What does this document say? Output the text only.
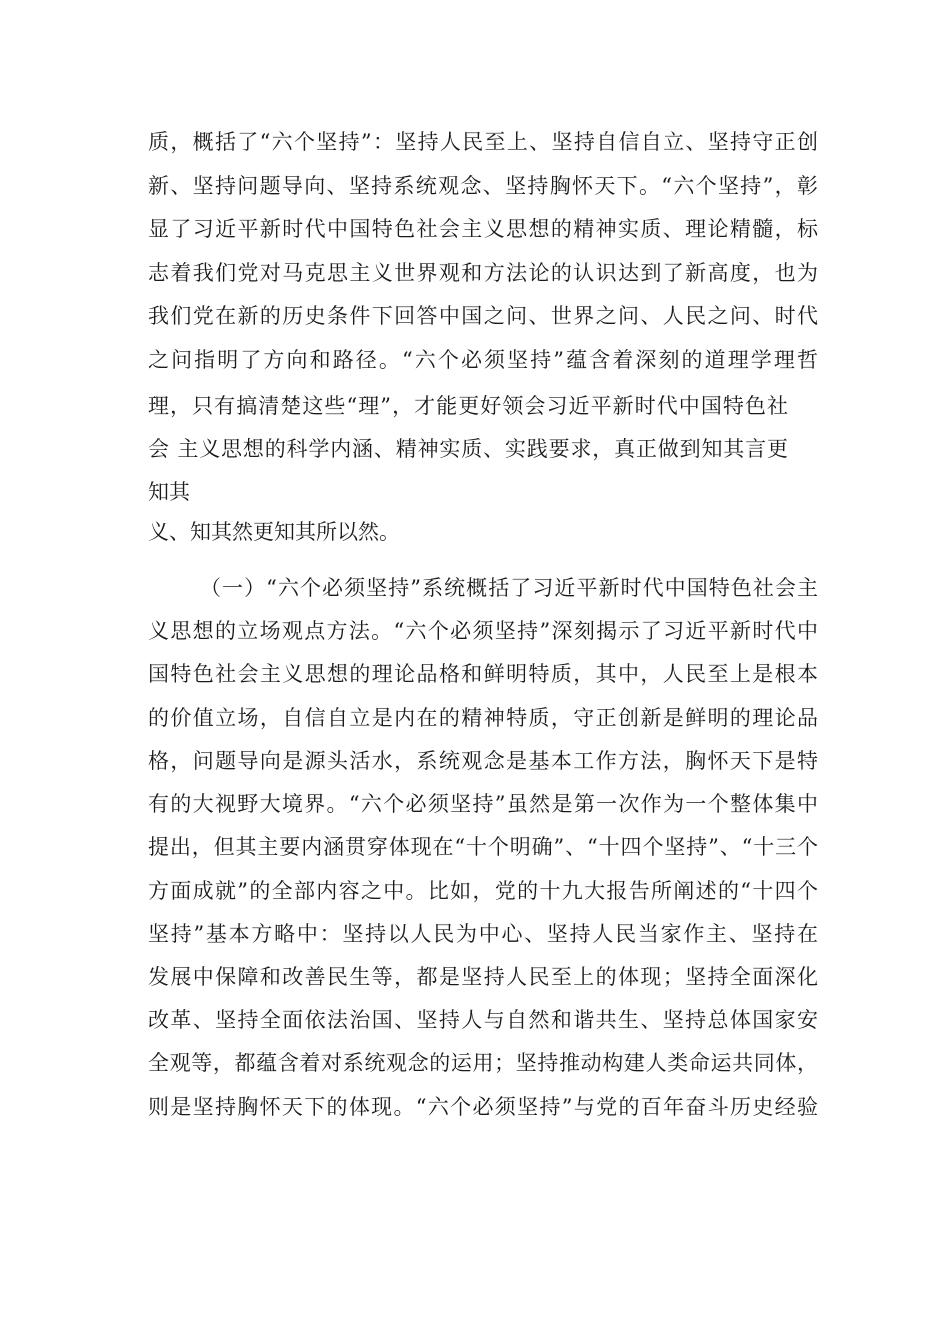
质，概括了“六个坚持”：坚持人民至上、坚持自信自立、坚持守正创
新、坚持问题导向、坚持系统观念、坚持胸怀天下。“六个坚持”，彰
显了习近平新时代中国特色社会主义思想的精神实质、理论精髓，标
志着我们党对马克思主义世界观和方法论的认识达到了新高度，也为
我们党在新的历史条件下回答中国之问、世界之问、人民之问、时代
之问指明了方向和路径。“六个必须坚持”蕴含着深刻的道理学理哲
理，只有搞清楚这些“理”，才能更好领会习近平新时代中国特色社
会 主义思想的科学内涵、精神实质、实践要求，真正做到知其言更
知其
义、知其然更知其所以然。
（一）“六个必须坚持”系统概括了习近平新时代中国特色社会主
义思想的立场观点方法。“六个必须坚持”深刻揭示了习近平新时代中
国特色社会主义思想的理论品格和鲜明特质，其中，人民至上是根本
的价值立场，自信自立是内在的精神特质，守正创新是鲜明的理论品
格，问题导向是源头活水，系统观念是基本工作方法，胸怀天下是特
有的大视野大境界。“六个必须坚持”虽然是第一次作为一个整体集中
提出，但其主要内涵贯穿体现在“十个明确”、“十四个坚持”、“十三个
方面成就”的全部内容之中。比如，党的十九大报告所阐述的“十四个
坚持”基本方略中：坚持以人民为中心、坚持人民当家作主、坚持在
发展中保障和改善民生等，都是坚持人民至上的体现；坚持全面深化
改革、坚持全面依法治国、坚持人与自然和谐共生、坚持总体国家安
全观等，都蕴含着对系统观念的运用；坚持推动构建人类命运共同体，
则是坚持胸怀天下的体现。“六个必须坚持”与党的百年奋斗历史经验
